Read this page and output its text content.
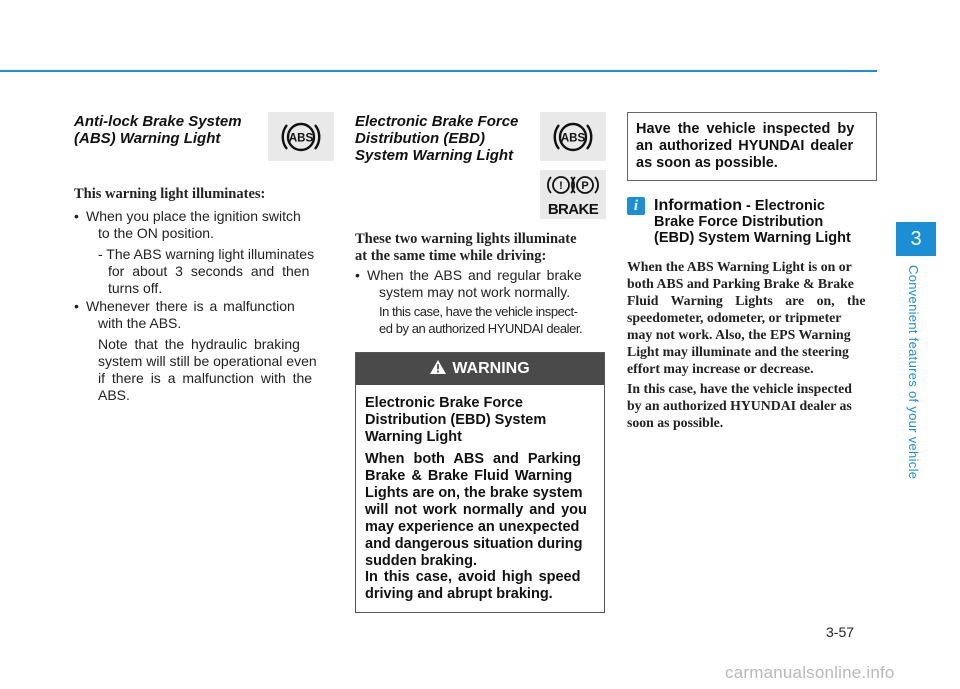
Anti-lock Brake System
(ABS) Warning Light	ABS
This warning light illuminates:
• When you place the ignition switch
to the ON position.
- The ABS warning light illuminates
for about 3 seconds and then
turns off.
• Whenever there is a malfunction
with the ABS.
Note that the hydraulic braking
system will still be operational even
if there is a malfunction with the
ABS.
Electronic Brake Force
Distribution (EBD)
System Warning Light
ABS
! P
BRAKE
These two warning lights illuminate
at the same time while driving:
• When the ABS and regular brake
system may not work normally.
In this case, have the vehicle inspect-
ed by an authorized HYUNDAI dealer.
WARNING
Electronic Brake Force
Distribution (EBD) System
Warning Light
When both ABS and Parking
Brake & Brake Fluid Warning
Lights are on, the brake system
will not work normally and you
may experience an unexpected
and dangerous situation during
sudden braking.
In this case, avoid high speed
driving and abrupt braking.
Have the vehicle inspected by
an authorized HYUNDAI dealer
as soon as possible.
i Information - Electronic
Brake Force Distribution
(EBD) System Warning Light
When the ABS Warning Light is on or
both ABS and Parking Brake & Brake
Fluid Warning Lights are on, the
speedometer, odometer, or tripmeter
may not work. Also, the EPS Warning
Light may illuminate and the steering
effort may increase or decrease.
In this case, have the vehicle inspected
by an authorized HYUNDAI dealer as
soon as possible.
3
Convenient features of your vehicle
3-57
carmanualsonline.info
